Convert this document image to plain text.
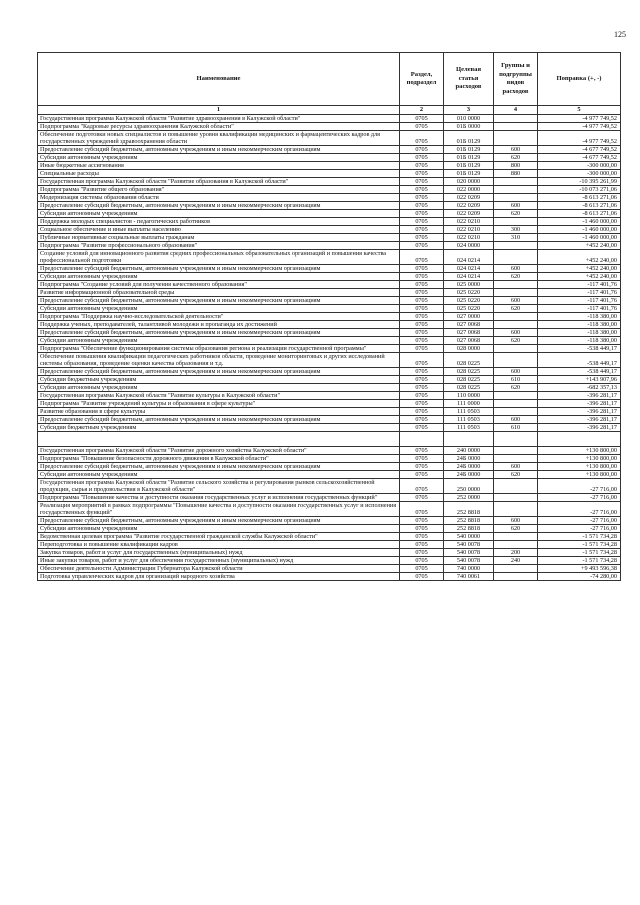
125
Наименование	Раздел, подраздел	Целевая статья расходов	Группы и подгруппы видов расходов	Поправка (+, -)
1	2	3	4	5
Государственная программа Калужской области "Развитие здравоохранения в Калужской области"	0705	010 0000		-4 977 749,52
Подпрограмма "Кадровые ресурсы здравоохранения Калужской области"	0705	01Б 0000		-4 977 749,52
Обеспечение подготовки новых специалистов и повышение уровня квалификации медицинских и фармацевтических кадров для государственных учреждений здравоохранения области	0705	01Б 0129		-4 977 749,52
Предоставление субсидий бюджетным, автономным учреждениям и иным некоммерческим организациям	0705	01Б 0129	600	-4 677 749,52
Субсидии автономным учреждениям	0705	01Б 0129	620	-4 677 749,52
Иные бюджетные ассигнования	0705	01Б 0129	800	-300 000,00
Специальные расходы	0705	01Б 0129	880	-300 000,00
Государственная программа Калужской области "Развитие образования в Калужской области"	0705	020 0000		-10 395 261,99
Подпрограмма "Развитие общего образования"	0705	022 0000		-10 073 271,06
Модернизация системы образования области	0705	022 0209		-8 613 271,06
Предоставление субсидий бюджетным, автономным учреждениям и иным некоммерческим организациям	0705	022 0209	600	-8 613 271,06
Субсидии автономным учреждениям	0705	022 0209	620	-8 613 271,06
Поддержка молодых специалистов - педагогических работников	0705	022 0210		-1 460 000,00
Социальное обеспечение и иные выплаты населению	0705	022 0210	300	-1 460 000,00
Публичные нормативные социальные выплаты гражданам	0705	022 0210	310	-1 460 000,00
Подпрограмма "Развитие профессионального образования"	0705	024 0000		+452 240,00
Создание условий для инновационного развития средних профессиональных образовательных организаций и повышения качества профессиональной подготовки	0705	024 0214		+452 240,00
Предоставление субсидий бюджетным, автономным учреждениям и иным некоммерческим организациям	0705	024 0214	600	+452 240,00
Субсидии автономным учреждениям	0705	024 0214	620	+452 240,00
Подпрограмма "Создание условий для получения качественного образования"	0705	025 0000		-117 401,76
Развитие информационной образовательной среды	0705	025 0220		-117 401,76
Предоставление субсидий бюджетным, автономным учреждениям и иным некоммерческим организациям	0705	025 0220	600	-117 401,76
Субсидии автономным учреждениям	0705	025 0220	620	-117 401,76
Подпрограмма "Поддержка научно-исследовательской деятельности"	0705	027 0000		-118 380,00
Поддержка ученых, преподавателей, талантливой молодежи и пропаганда их достижений	0705	027 0068		-118 380,00
Предоставление субсидий бюджетным, автономным учреждениям и иным некоммерческим организациям	0705	027 0068	600	-118 380,00
Субсидии автономным учреждениям	0705	027 0068	620	-118 380,00
Подпрограмма "Обеспечение функционирования системы образования региона и реализации государственной программы"	0705	028 0000		-538 449,17
Обеспечение повышения квалификации педагогических работников области, проведение мониторинговых и других исследований системы образования, проведение оценки качества образования и т.д.	0705	028 0225		-538 449,17
Предоставление субсидий бюджетным, автономным учреждениям и иным некоммерческим организациям	0705	028 0225	600	-538 449,17
Субсидии бюджетным учреждениям	0705	028 0225	610	+143 907,96
Субсидии автономным учреждениям	0705	028 0225	620	-682 357,13
Государственная программа Калужской области "Развитие культуры в Калужской области"	0705	110 0000		-396 281,17
Подпрограмма "Развитие учреждений культуры и образования в сфере культуры"	0705	111 0000		-396 281,17
Развитие образования в сфере культуры	0705	111 0503		-396 281,17
Предоставление субсидий бюджетным, автономным учреждениям и иным некоммерческим организациям	0705	111 0503	600	-396 281,17
Субсидии бюджетным учреждениям	0705	111 0503	610	-396 281,17

Государственная программа Калужской области "Развитие дорожного хозяйства Калужской области"	0705	240 0000		+130 800,00
Подпрограмма "Повышение безопасности дорожного движения в Калужской области"	0705	24Б 0000		+130 800,00
Предоставление субсидий бюджетным, автономным учреждениям и иным некоммерческим организациям	0705	24Б 0000	600	+130 800,00
Субсидии автономным учреждениям	0705	24Б 0000	620	+130 800,00
Государственная программа Калужской области "Развитие сельского хозяйства и регулирования рынков сельскохозяйственной продукции, сырья и продовольствия в Калужской области"	0705	250 0000		-27 716,00
Подпрограмма "Повышение качества и доступности оказания государственных услуг и исполнения государственных функций"	0705	252 0000		-27 716,00
Реализация мероприятий в рамках подпрограммы "Повышение качества и доступности оказания государственных услуг и исполнения государственных функций"	0705	252 8818		-27 716,00
Предоставление субсидий бюджетным, автономным учреждениям и иным некоммерческим организациям	0705	252 8818	600	-27 716,00
Субсидии автономным учреждениям	0705	252 8818	620	-27 716,00
Ведомственная целевая программа "Развитие государственной гражданской службы Калужской области"	0705	540 0000		-1 571 734,28
Переподготовка и повышение квалификации кадров	0705	540 0078		-1 571 734,28
Закупка товаров, работ и услуг для государственных (муниципальных) нужд	0705	540 0078	200	-1 571 734,28
Иные закупки товаров, работ и услуг для обеспечения государственных (муниципальных) нужд	0705	540 0078	240	-1 571 734,28
Обеспечение деятельности Администрации Губернатора Калужской области	0705	740 0000		+9 493 596,38
Подготовка управленческих кадров для организаций народного хозяйства	0705	740 0061		-74 280,00
